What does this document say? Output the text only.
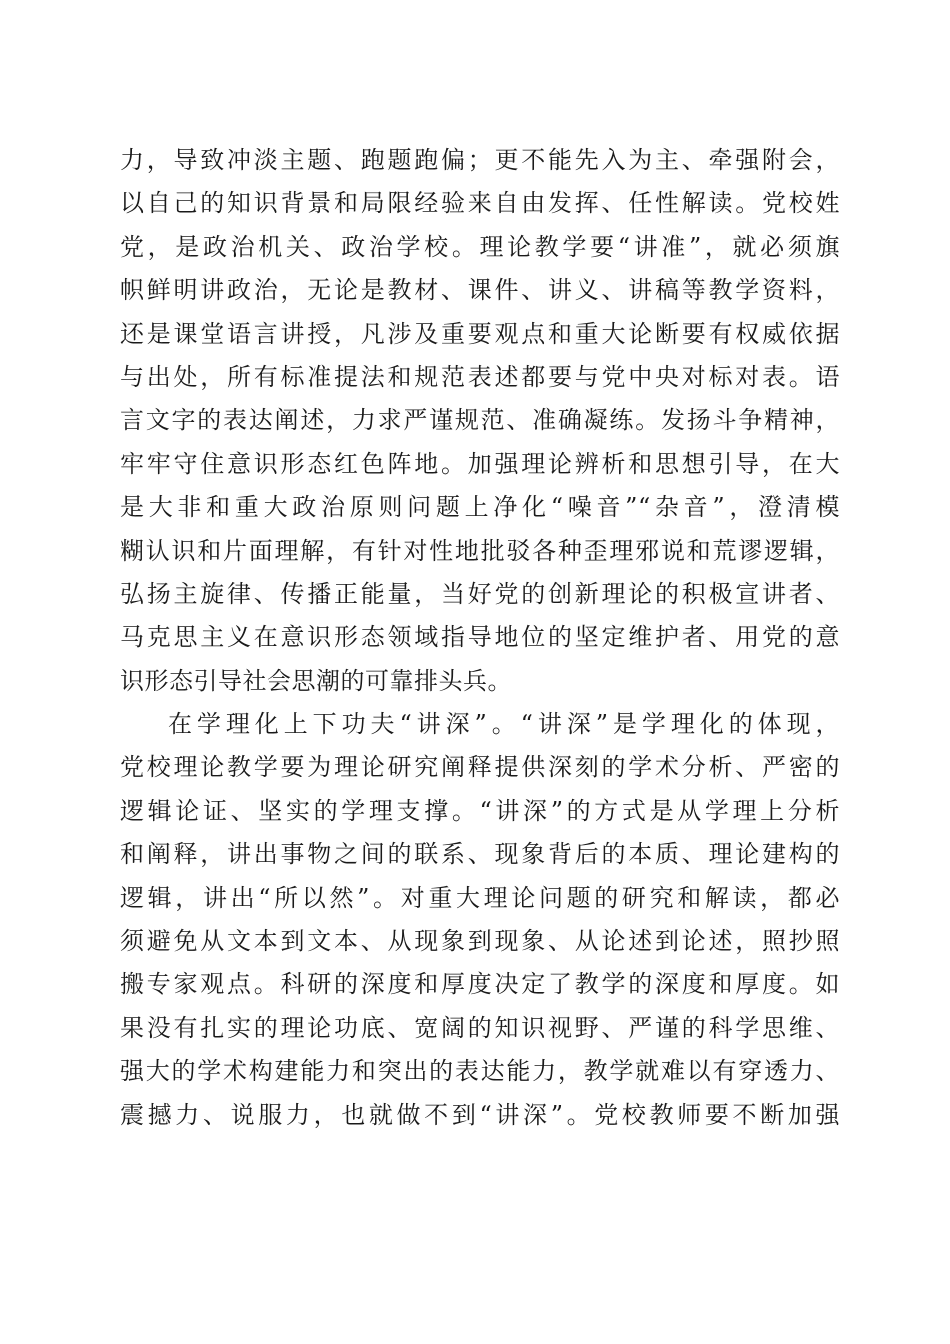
力，导致冲淡主题、跑题跑偏；更不能先入为主、牵强附会，
以自己的知识背景和局限经验来自由发挥、任性解读。党校姓
党，是政治机关、政治学校。理论教学要“讲准”，就必须旗
帜鲜明讲政治，无论是教材、课件、讲义、讲稿等教学资料，
还是课堂语言讲授，凡涉及重要观点和重大论断要有权威依据
与出处，所有标准提法和规范表述都要与党中央对标对表。语
言文字的表达阐述，力求严谨规范、准确凝练。发扬斗争精神，
牢牢守住意识形态红色阵地。加强理论辨析和思想引导，在大
是大非和重大政治原则问题上净化“噪音”“杂音”，澄清模
糊认识和片面理解，有针对性地批驳各种歪理邪说和荒谬逻辑，
弘扬主旋律、传播正能量，当好党的创新理论的积极宣讲者、
马克思主义在意识形态领域指导地位的坚定维护者、用党的意
识形态引导社会思潮的可靠排头兵。
在学理化上下功夫“讲深”。“讲深”是学理化的体现，
党校理论教学要为理论研究阐释提供深刻的学术分析、严密的
逻辑论证、坚实的学理支撑。“讲深”的方式是从学理上分析
和阐释，讲出事物之间的联系、现象背后的本质、理论建构的
逻辑，讲出“所以然”。对重大理论问题的研究和解读，都必
须避免从文本到文本、从现象到现象、从论述到论述，照抄照
搬专家观点。科研的深度和厚度决定了教学的深度和厚度。如
果没有扎实的理论功底、宽阔的知识视野、严谨的科学思维、
强大的学术构建能力和突出的表达能力，教学就难以有穿透力、
震撼力、说服力，也就做不到“讲深”。党校教师要不断加强
